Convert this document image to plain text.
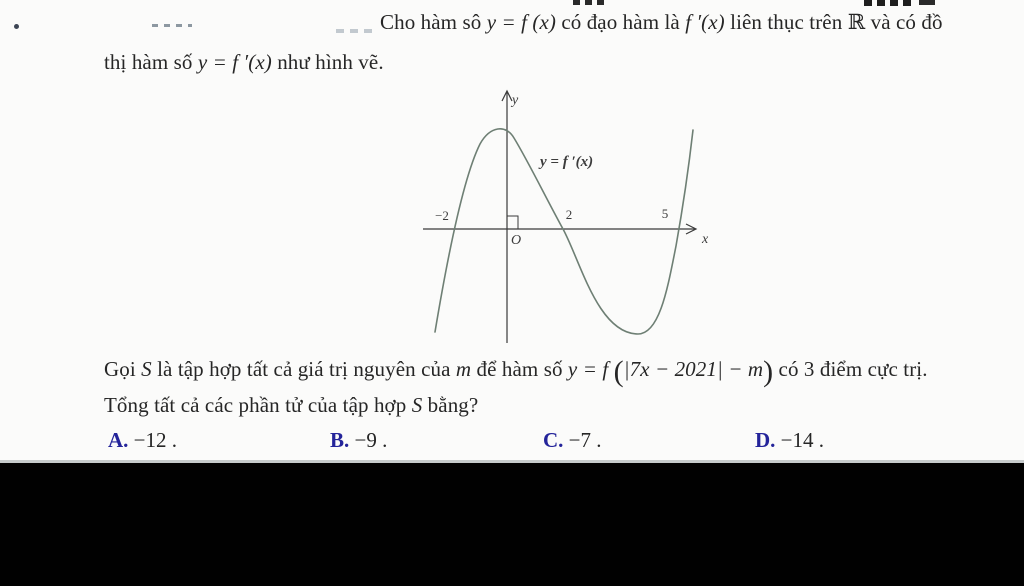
Cho hàm sô y = f (x) có đạo hàm là f ′(x) liên thục trên ℝ và có đồ
thị hàm số y = f ′(x) như hình vẽ.
y
x
O
−2	2	5
y = f ′(x)
Gọi S là tập hợp tất cả giá trị nguyên của m để hàm số y = f (|7x − 2021| − m) có 3 điểm cực trị.
Tổng tất cả các phần tử của tập hợp S bằng?
A. −12 .	B. −9 .	C. −7 .	D. −14 .
